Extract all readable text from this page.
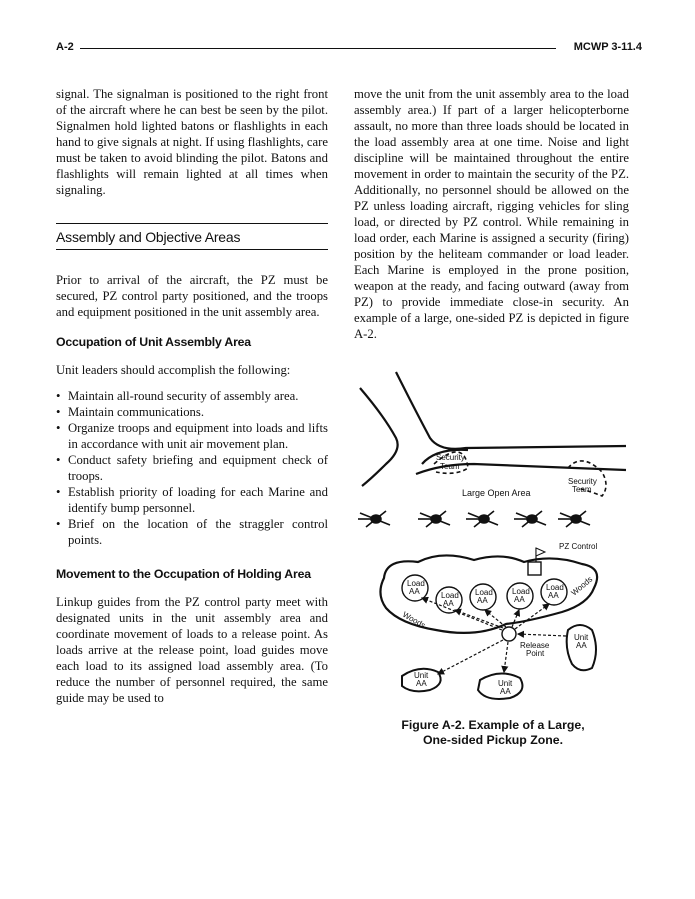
A-2	MCWP 3-11.4

signal. The signalman is positioned to the right front of the aircraft where he can best be seen by the pilot. Signalmen hold lighted batons or flashlights in each hand to give signals at night. If using flashlights, care must be taken to avoid blinding the pilot. Batons and flashlights will remain lighted at all times when signaling.

Assembly and Objective Areas

Prior to arrival of the aircraft, the PZ must be secured, PZ control party positioned, and the troops and equipment positioned in the unit assembly area.

Occupation of Unit Assembly Area

Unit leaders should accomplish the following:

• Maintain all-round security of assembly area.
• Maintain communications.
• Organize troops and equipment into loads and lifts in accordance with unit air movement plan.
• Conduct safety briefing and equipment check of troops.
• Establish priority of loading for each Marine and identify bump personnel.
• Brief on the location of the straggler control points.
Movement to the Occupation of Holding Area

Linkup guides from the PZ control party meet with designated units in the unit assembly area and coordinate movement of loads to a release point. As loads arrive at the release point, load guides move each load to its assigned load assembly area. (To reduce the number of personnel required, the same guide may be used to

move the unit from the unit assembly area to the load assembly area.) If part of a larger helicopterborne assault, no more than three loads should be located in the load assembly area at one time. Noise and light discipline will be maintained throughout the entire movement in order to maintain the security of the PZ. Additionally, no personnel should be allowed on the PZ unless loading aircraft, rigging vehicles for sling load, or directed by PZ control. While remaining in load order, each Marine is assigned a security (firing) position by the heliteam commander or load leader. Each Marine is employed in the prone position, weapon at the ready, and facing outward (away from PZ) to provide immediate close-in security. An example of a large, one-sided PZ is depicted in figure A-2.

Security
Team
Security
Team
Large Open Area
PZ Control
Woods
Woods
Load
AA	Load
AA
Load
AA
Load
AA
Load
AA
Release
Point
Unit
AA
Unit
AA	Unit
AA
Figure A-2. Example of a Large,
One-sided Pickup Zone.
